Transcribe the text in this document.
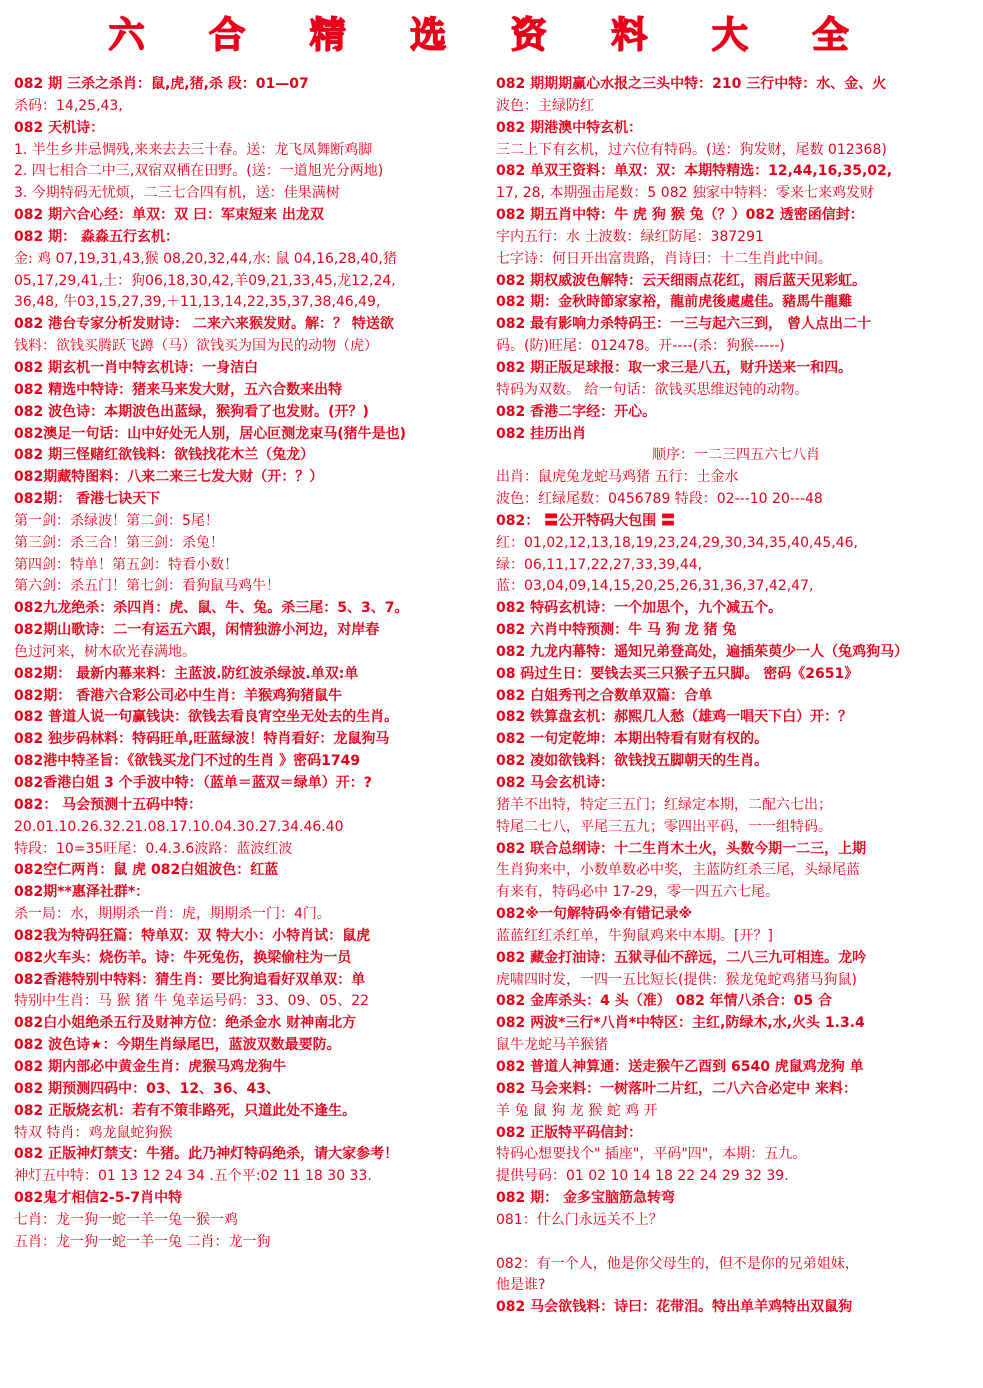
六 合 精 选 资 料 大 全
082 期 三杀之杀肖：鼠,虎,猪,杀 段：01—07
杀码：14,25,43,
082 天机诗：
1. 半生乡井忌惆残,来来去去三十春。送：龙飞凤舞断鸡脚
2. 四七相合二中三,双宿双栖在田野。(送：一道旭光分两地)
3. 今期特码无忧烦，二三七合四有机，送：佳果满树
082 期六合心经：单双：双 曰：军束短来 出龙双
082 期： 淼淼五行玄机：
金: 鸡 07,19,31,43,猴 08,20,32,44,水: 鼠 04,16,28,40,猪
05,17,29,41,土：狗06,18,30,42,羊09,21,33,45,龙12,24,
36,48, 牛03,15,27,39,＋11,13,14,22,35,37,38,46,49,
082 港台专家分析发财诗： 二来六来猴发财。解：？ 特送欲
钱料：欲钱买腾跃飞蹲（马）欲钱买为国为民的动物（虎）
082 期玄机一肖中特玄机诗：一身洁白
082 精选中特诗：猪来马来发大财，五六合数来出特
082 波色诗：本期波色出蓝绿，猴狗看了也发财。(开？)
082澳足一句话：山中好处无人别，居心叵测龙束马(猪牛是也)
082 期三怪赌红欲钱料：欲钱找花木兰（兔龙）
082期藏特图料：八来二来三七发大财（开：？）
082期： 香港七诀天下
第一剑：杀绿波！第二剑：5尾！
第三剑：杀三合！第三剑：杀兔！
第四剑：特单！第五剑：特看小数！
第六剑：杀五门！第七剑：看狗鼠马鸡牛！
082九龙绝杀：杀四肖：虎、鼠、牛、兔。杀三尾：5、3、7。
082期山歌诗：二一有运五六跟，闲情独游小河边，对岸春
色过河来，树木砍光春满地。
082期： 最新内幕来料：主蓝波.防红波杀绿波.单双:单
082期： 香港六合彩公司必中生肖：羊猴鸡狗猪鼠牛
082 普道人说一句赢钱诀：欲钱去看良宵空坐无处去的生肖。
082 独步码林料：特码旺单,旺蓝绿波！特肖看好：龙鼠狗马
082港中特圣旨：《欲钱买龙门不过的生肖 》密码1749
082香港白姐 3 个手波中特：（蓝单＝蓝双＝绿单）开：?
082： 马会预测十五码中特：
20.01.10.26.32.21.08.17.10.04.30.27.34.46.40
特段：10=35旺尾：0.4.3.6波路：蓝波红波
082空仁两肖：鼠 虎 082白姐波色：红蓝
082期**惠泽社群*：
杀一局：水，期期杀一肖：虎，期期杀一门：4门。
082我为特码狂篇：特单双：双 特大小：小特肖试：鼠虎
082火车头：烧伤羊。诗：牛死兔伤，换梁偷柱为一员
082香港特别中特料：猜生肖：要比狗追看好双单双：单
特别中生肖：马 猴 猪 牛 兔幸运号码：33、09、05、22
082白小姐绝杀五行及财神方位：绝杀金水 财神南北方
082 波色诗★：今期生肖绿尾巴，蓝波双数最要防。
082 期内部必中黄金生肖：虎猴马鸡龙狗牛
082 期预测四码中：03、12、36、43、
082 正版烧玄机：若有不策非路死，只道此处不逢生。
特双 特肖：鸡龙鼠蛇狗猴
082 正版神灯禁支：牛猪。此乃神灯特码绝杀，请大家参考！
神灯五中特：01 13 12 24 34 .五个平:02 11 18 30 33.
082鬼才相信2-5-7肖中特
七肖：龙一狗一蛇一羊一兔一猴一鸡
五肖：龙一狗一蛇一羊一兔 二肖：龙一狗
082 期期期赢心水报之三头中特：210 三行中特：水、金、火
波色：主绿防红
082 期港澳中特玄机：
三二上下有玄机，过六位有特码。(送：狗发财，尾数 012368)
082 单双王资料：单双：双：本期特精选：12,44,16,35,02,
17, 28, 本期强击尾数：5 082 独家中特料：零来七来鸡发财
082 期五肖中特：牛 虎 狗 猴 兔（？）082 透密函信封：
宇内五行：水 土波数：绿红防尾：387291
七字诗：何日开出富贵路，肖诗曰：十二生肖此中间。
082 期权威波色解特：云天细雨点花红，雨后蓝天见彩虹。
082 期：金秋時節家家裕，龍前虎後處處佳。豬馬牛龍雞
082 最有影响力杀特码王：一三与起六三到， 曾人点出二十
码。(防)旺尾：012478。开----(杀：狗猴-----)
082 期正版足球报：取一求三是八五，财升送来一和四。
特码为双数。 给一句话：欲钱买思维迟钝的动物。
082 香港二字经：开心。
082 挂历出肖
顺序：一二三四五六七八肖
出肖：鼠虎兔龙蛇马鸡猪 五行：土金水
波色：红绿尾数：0456789 特段：02---10 20---48
082： 〓公开特码大包围 〓
红：01,02,12,13,18,19,23,24,29,30,34,35,40,45,46,
绿：06,11,17,22,27,33,39,44,
蓝：03,04,09,14,15,20,25,26,31,36,37,42,47,
082 特码玄机诗：一个加思个，九个减五个。
082 六肖中特预测：牛 马 狗 龙 猪 兔
082 九龙内幕特：遥知兄弟登高处，遍插茱萸少一人（兔鸡狗马）
08 码过生日：要钱去买三只猴子五只脚。 密码《2651》
082 白姐秀刊之合数单双篇：合单
082 铁算盘玄机：郝熙几人愁（雄鸡一唱天下白）开：？
082 一句定乾坤：本期出特看有财有权的。
082 凌如欲钱料：欲钱找五脚朝天的生肖。
082 马会玄机诗：
猪羊不出特，特定三五门；红绿定本期，二配六七出；
特尾二七八，平尾三五九；零四出平码，一一组特码。
082 联合总纲诗：十二生肖木土火，头数今期一二三，上期
生肖狗来中，小数单数必中奖，主蓝防红杀三尾，头绿尾蓝
有来有，特码必中 17-29，零一四五六七尾。
082※一句解特码※有错记录※
蓝蓝红红杀红单，牛狗鼠鸡来中本期。[开？]
082 藏金打油诗：五狱寻仙不辞远，二八三九可相连。龙吟
虎啸四时发，一四一五比短长(提供：猴龙兔蛇鸡猪马狗鼠)
082 金库杀头：4 头（准） 082 年情八杀合：05 合
082 两波*三行*八肖*中特区：主红,防绿木,水,火头 1.3.4
鼠牛龙蛇马羊猴猪
082 普道人神算通：送走猴午乙酉到 6540 虎鼠鸡龙狗 单
082 马会来料：一树落叶二片红，二八六合必定中 来料：
羊 兔 鼠 狗 龙 猴 蛇 鸡 开
082 正版特平码信封：
特码心想要找个" 插座"，平码"四"，本期：五九。
提供号码：01 02 10 14 18 22 24 29 32 39.
082 期： 金多宝脑筋急转弯
081：什么门永远关不上？
082：有一个人，他是你父母生的，但不是你的兄弟姐妹，
他是谁?
082 马会欲钱料：诗曰：花带泪。特出单羊鸡特出双鼠狗
